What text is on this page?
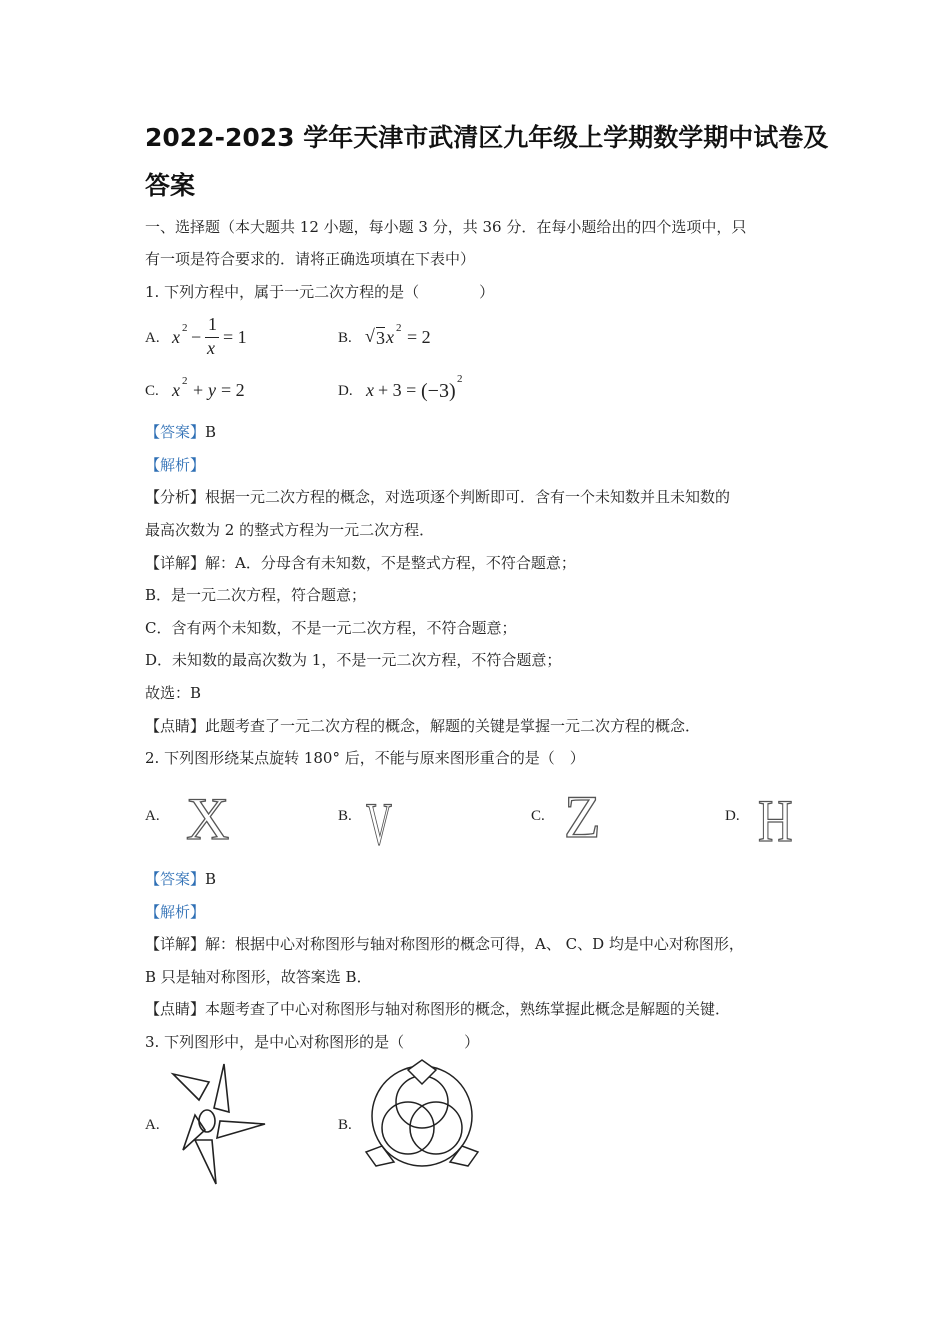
2022-2023 学年天津市武清区九年级上学期数学期中试卷及
答案
一、选择题（本大题共 12 小题，每小题 3 分，共 36 分．在每小题给出的四个选项中，只
有一项是符合要求的．请将正确选项填在下表中）
1. 下列方程中，属于一元二次方程的是（　　　　）
A. x 2 −
1
x
= 1	B. √ 3 x 2 = 2
C. x 2 + y = 2	D. x + 3 = (−3)
2
【答案】B
【解析】
【分析】根据一元二次方程的概念，对选项逐个判断即可．含有一个未知数并且未知数的
最高次数为 2 的整式方程为一元二次方程．
【详解】解：A．分母含有未知数，不是整式方程，不符合题意；
B．是一元二次方程，符合题意；
C．含有两个未知数，不是一元二次方程，不符合题意；
D．未知数的最高次数为 1，不是一元二次方程，不符合题意；
故选：B
【点睛】此题考查了一元二次方程的概念，解题的关键是掌握一元二次方程的概念．
2. 下列图形绕某点旋转 180° 后，不能与原来图形重合的是（　）
A. X	B. V	C. Z	D. H
【答案】B
【解析】
【详解】解：根据中心对称图形与轴对称图形的概念可得，A、 C、D 均是中心对称图形，
B 只是轴对称图形，故答案选 B．
【点睛】本题考查了中心对称图形与轴对称图形的概念，熟练掌握此概念是解题的关键．
3. 下列图形中，是中心对称图形的是（　　　　）
A.	B.
